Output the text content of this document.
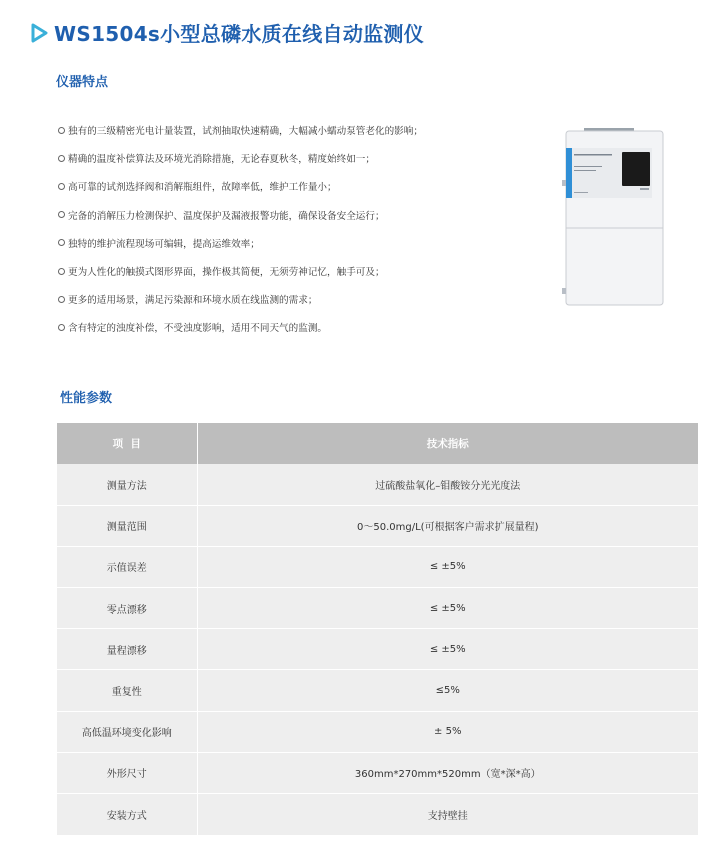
WS1504s小型总磷水质在线自动监测仪
仪器特点
独有的三级精密光电计量装置，试剂抽取快速精确，大幅减小蠕动泵管老化的影响；
精确的温度补偿算法及环境光消除措施，无论春夏秋冬，精度始终如一；
高可靠的试剂选择阀和消解瓶组件，故障率低，维护工作量小；
完备的消解压力检测保护、温度保护及漏液报警功能，确保设备安全运行；
独特的维护流程现场可编辑，提高运维效率；
更为人性化的触摸式图形界面，操作极其简便，无须劳神记忆，触手可及；
更多的适用场景，满足污染源和环境水质在线监测的需求；
含有特定的浊度补偿，不受浊度影响，适用不同天气的监测。
性能参数
项  目	技术指标
测量方法	过硫酸盐氧化–钼酸铵分光光度法
测量范围	0～50.0mg/L(可根据客户需求扩展量程)
示值误差	≤ ±5%
零点漂移	≤ ±5%
量程漂移	≤ ±5%
重复性	≤5%
高低温环境变化影响	± 5%
外形尺寸	360mm*270mm*520mm（宽*深*高）
安装方式	支持壁挂
